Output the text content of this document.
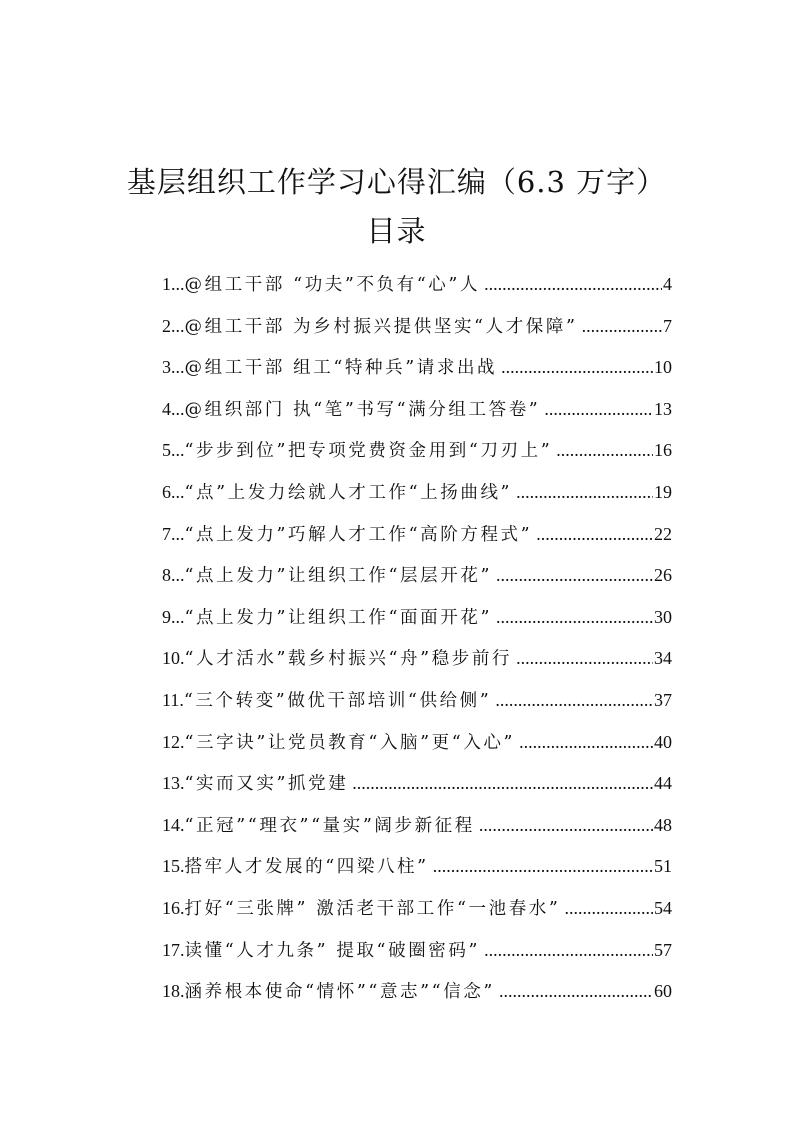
基层组织工作学习心得汇编（6.3 万字）
目录
1... @组工干部 “功夫”不负有“心”人 .....	4
2... @组工干部 为乡村振兴提供坚实“人才保障” .....	7
3... @组工干部 组工“特种兵”请求出战 .....	10
4... @组织部门 执“笔”书写“满分组工答卷” .....	13
5... “步步到位”把专项党费资金用到“刀刃上” .....	16
6... “点”上发力绘就人才工作“上扬曲线” .....	19
7... “点上发力”巧解人才工作“高阶方程式” .....	22
8... “点上发力”让组织工作“层层开花” .....	26
9... “点上发力”让组织工作“面面开花” .....	30
10. “人才活水”载乡村振兴“舟”稳步前行 .....	34
11. “三个转变”做优干部培训“供给侧” .....	37
12. “三字诀”让党员教育“入脑”更“入心” .....	40
13. “实而又实”抓党建 .....	44
14. “正冠”“理衣”“量实”阔步新征程 .....	48
15. 搭牢人才发展的“四梁八柱” .....	51
16. 打好“三张牌” 激活老干部工作“一池春水” .....	54
17. 读懂“人才九条” 提取“破圈密码” .....	57
18. 涵养根本使命“情怀”“意志”“信念” .....	60
